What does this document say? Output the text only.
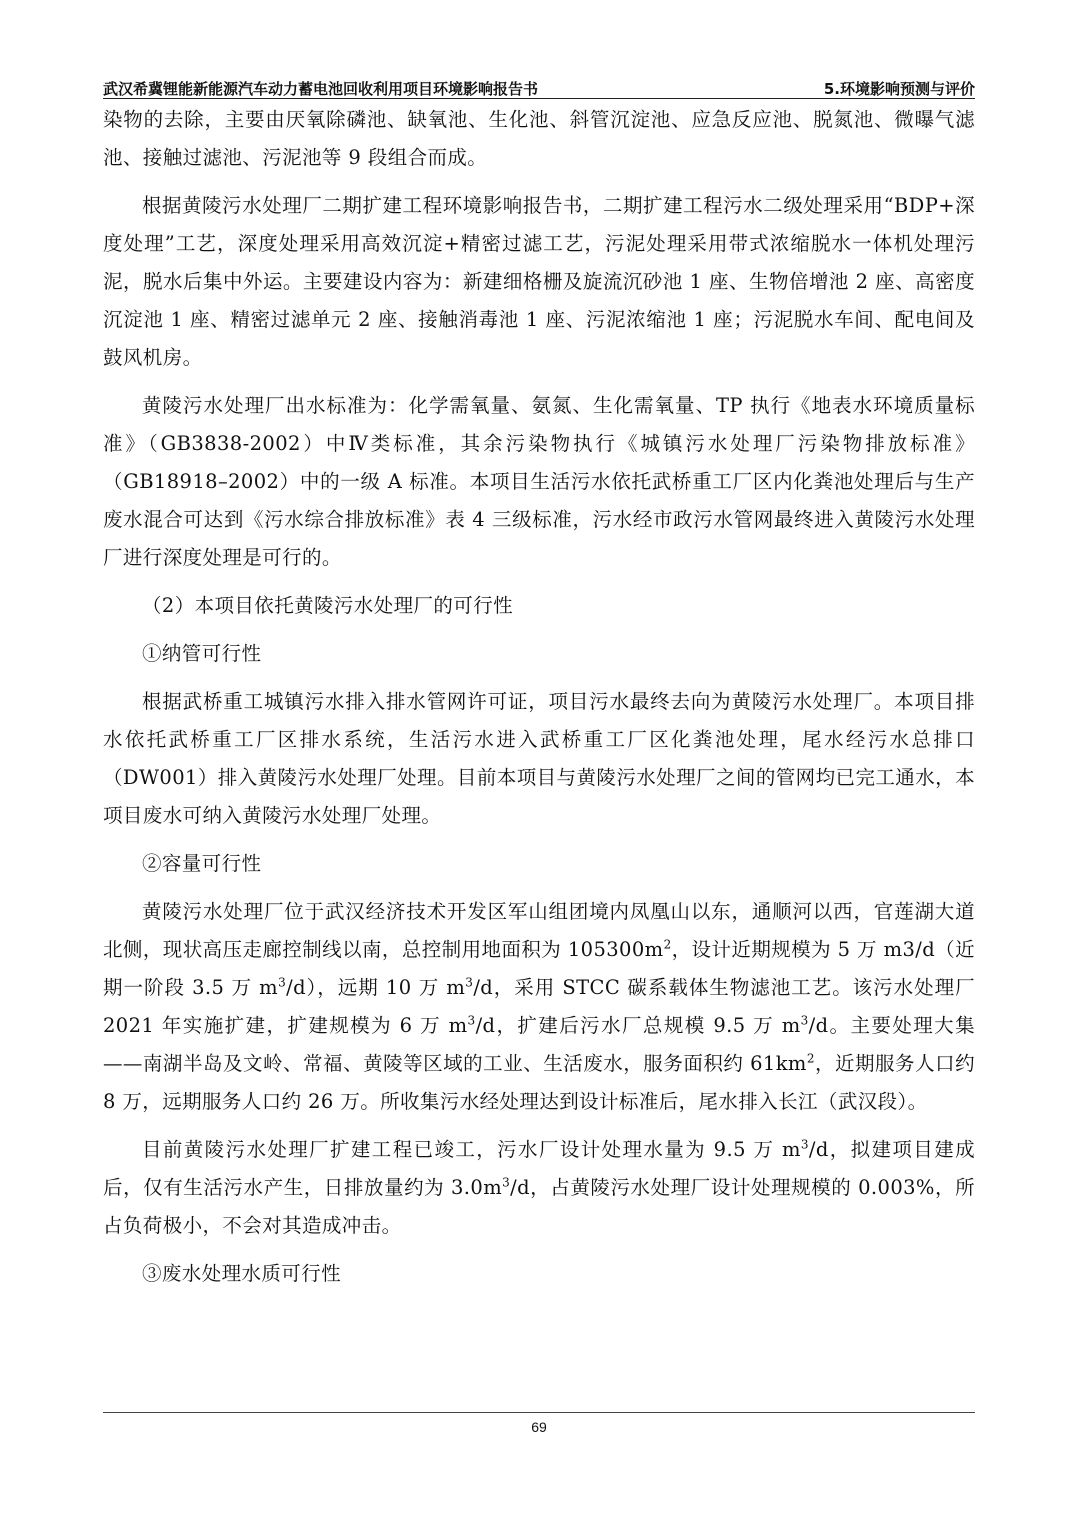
武汉希冀锂能新能源汽车动力蓄电池回收利用项目环境影响报告书	5.环境影响预测与评价

染物的去除，主要由厌氧除磷池、缺氧池、生化池、斜管沉淀池、应急反应池、脱氮池、微曝气滤池、接触过滤池、污泥池等 9 段组合而成。

根据黄陵污水处理厂二期扩建工程环境影响报告书，二期扩建工程污水二级处理采用“BDP+深度处理”工艺，深度处理采用高效沉淀+精密过滤工艺，污泥处理采用带式浓缩脱水一体机处理污泥，脱水后集中外运。主要建设内容为：新建细格栅及旋流沉砂池 1 座、生物倍增池 2 座、高密度沉淀池 1 座、精密过滤单元 2 座、接触消毒池 1 座、污泥浓缩池 1 座；污泥脱水车间、配电间及鼓风机房。

黄陵污水处理厂出水标准为：化学需氧量、氨氮、生化需氧量、TP 执行《地表水环境质量标准》（GB3838-2002）中Ⅳ类标准，其余污染物执行《城镇污水处理厂污染物排放标准》（GB18918–2002）中的一级 A 标准。本项目生活污水依托武桥重工厂区内化粪池处理后与生产废水混合可达到《污水综合排放标准》表 4 三级标准，污水经市政污水管网最终进入黄陵污水处理厂进行深度处理是可行的。

（2）本项目依托黄陵污水处理厂的可行性

①纳管可行性

根据武桥重工城镇污水排入排水管网许可证，项目污水最终去向为黄陵污水处理厂。本项目排水依托武桥重工厂区排水系统，生活污水进入武桥重工厂区化粪池处理，尾水经污水总排口（DW001）排入黄陵污水处理厂处理。目前本项目与黄陵污水处理厂之间的管网均已完工通水，本项目废水可纳入黄陵污水处理厂处理。

②容量可行性

黄陵污水处理厂位于武汉经济技术开发区军山组团境内凤凰山以东，通顺河以西，官莲湖大道北侧，现状高压走廊控制线以南，总控制用地面积为 $105300m^2$，设计近期规模为 5 万 m3/d（近期一阶段 3.5 万 $m^3/d$），远期 10 万 $m^3/d$，采用 STCC 碳系载体生物滤池工艺。该污水处理厂 2021 年实施扩建，扩建规模为 6 万 $m^3/d$，扩建后污水厂总规模 9.5 万 $m^3/d$。主要处理大集——南湖半岛及文岭、常福、黄陵等区域的工业、生活废水，服务面积约 $61km^2$，近期服务人口约 8 万，远期服务人口约 26 万。所收集污水经处理达到设计标准后，尾水排入长江（武汉段）。

目前黄陵污水处理厂扩建工程已竣工，污水厂设计处理水量为 9.5 万 $m^3/d$，拟建项目建成后，仅有生活污水产生，日排放量约为 $3.0m^3/d$，占黄陵污水处理厂设计处理规模的 0.003%，所占负荷极小，不会对其造成冲击。

③废水处理水质可行性

69
